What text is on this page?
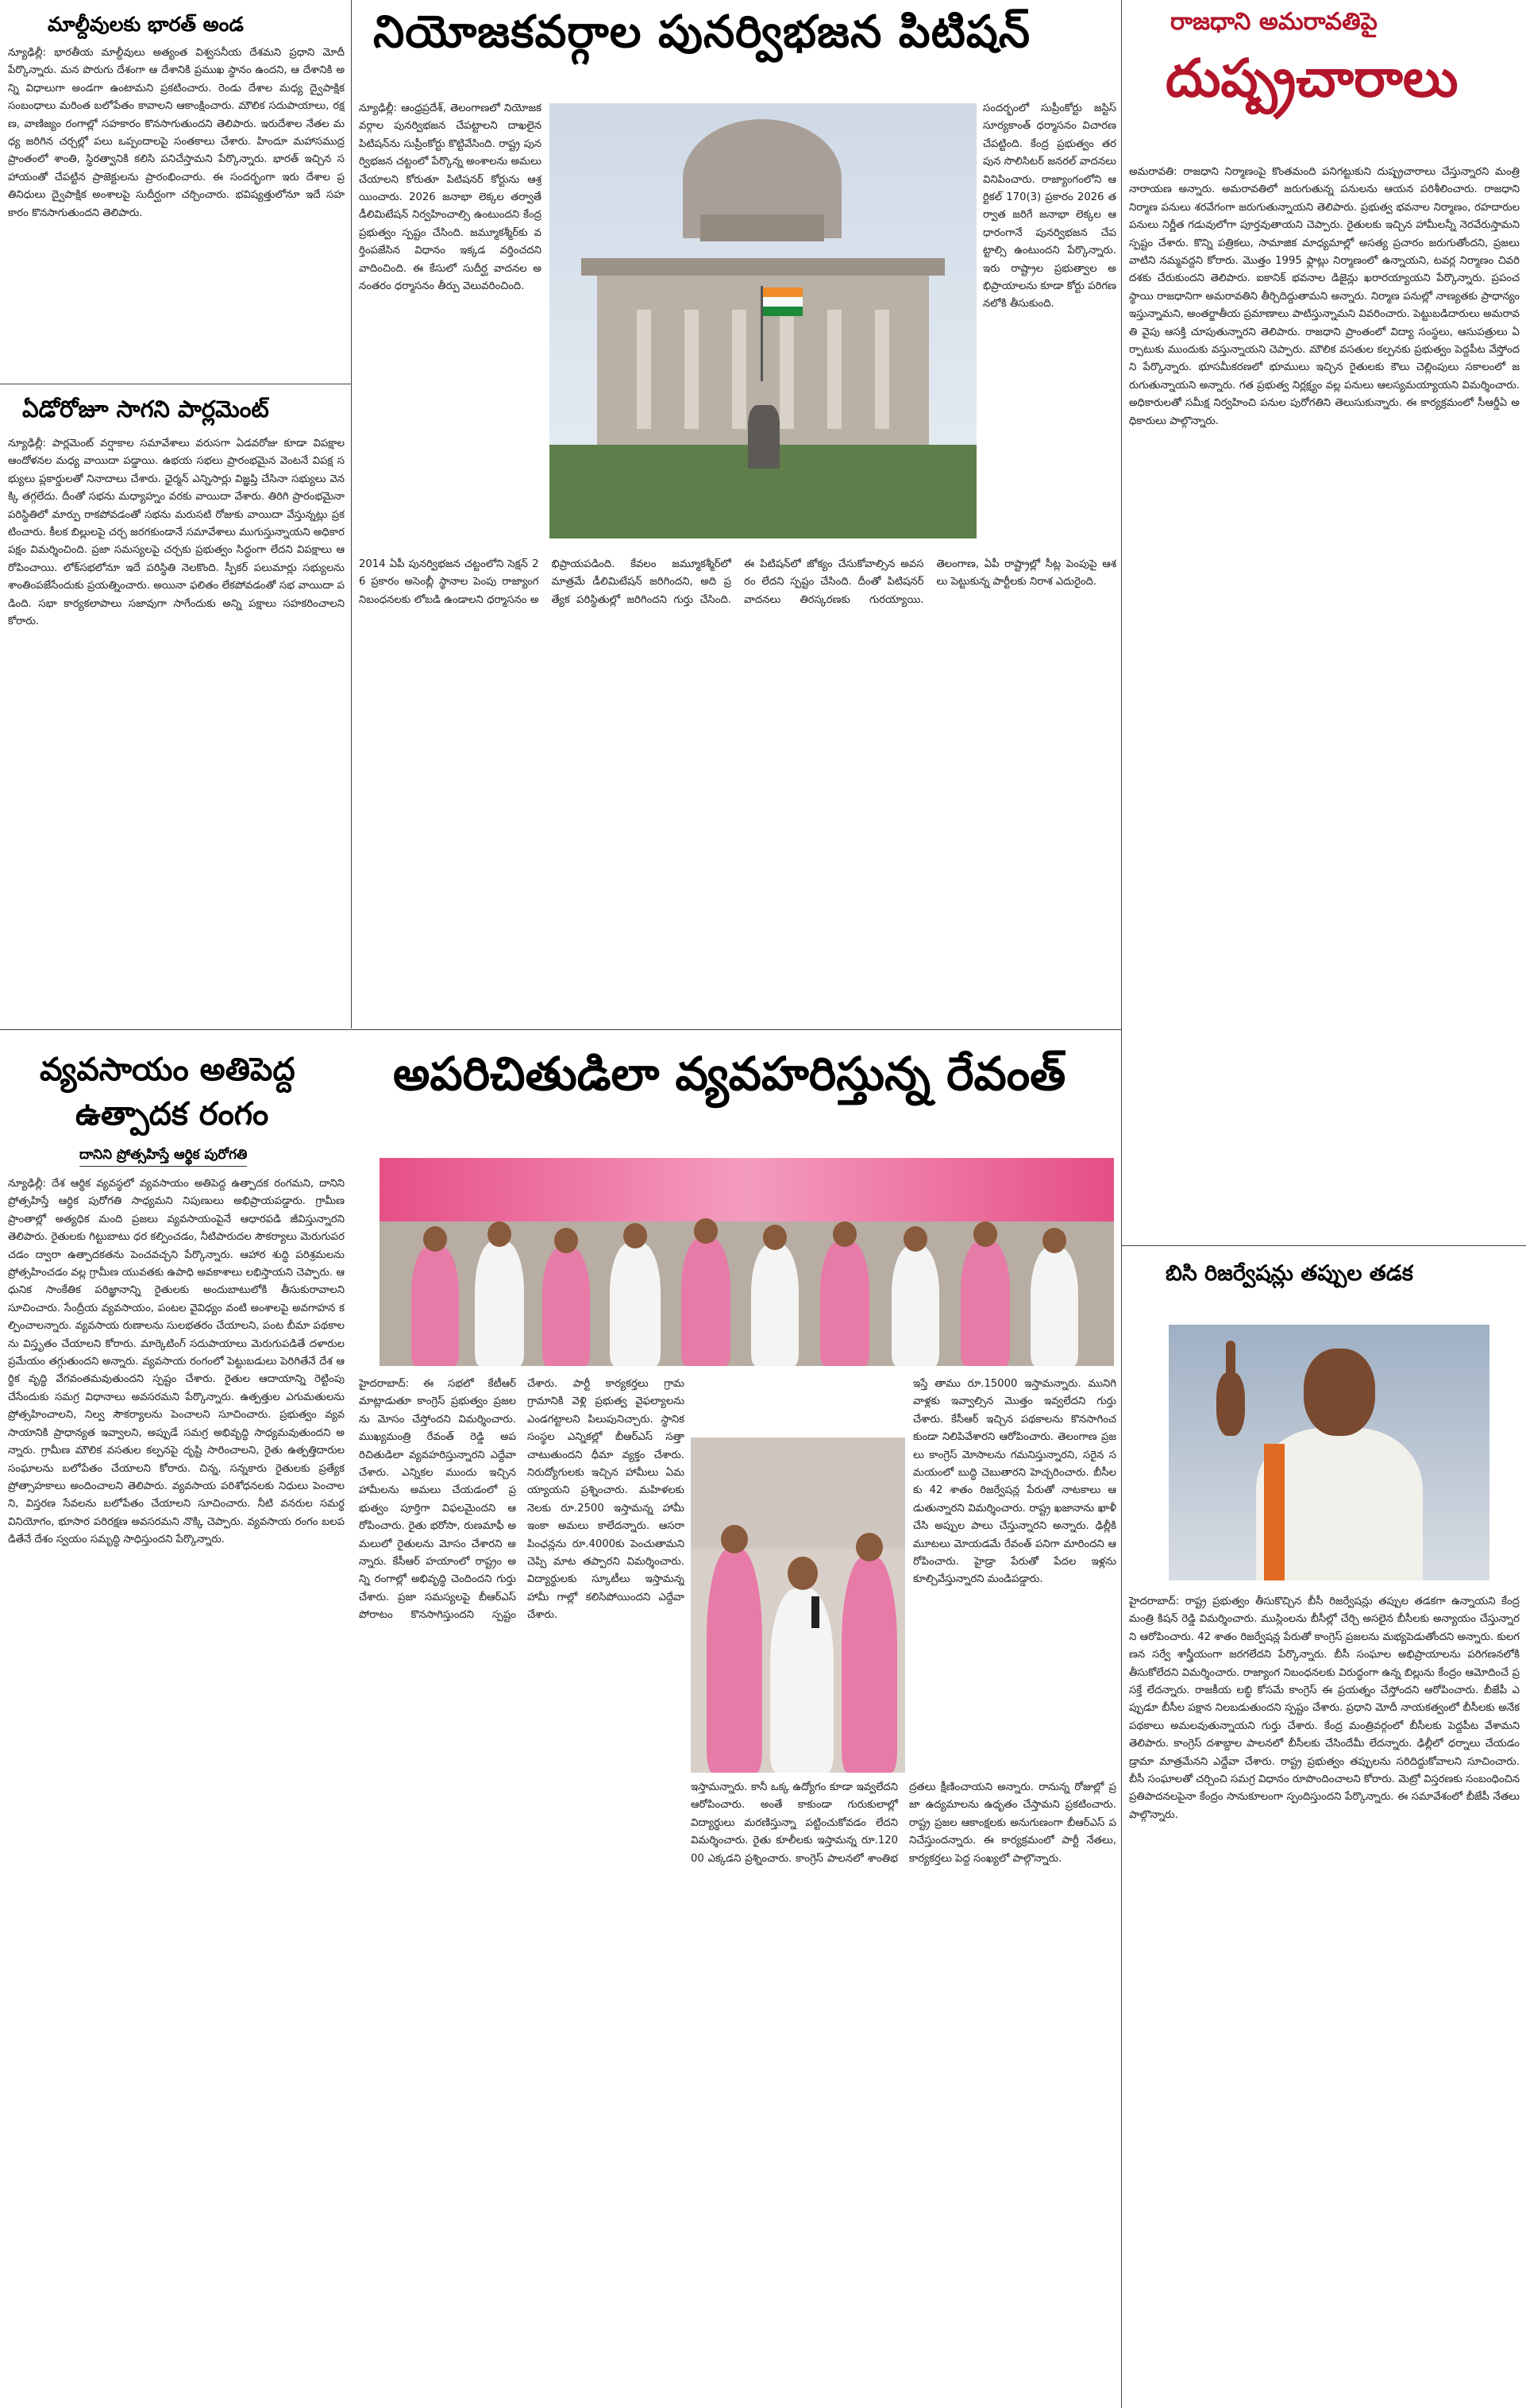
మాల్దీవులకు భారత్ అండ
న్యూఢిల్లీ: భారతీయ మాల్దీవులు అత్యంత విశ్వసనీయ దేశమని ప్రధాని మోదీ పేర్కొన్నారు. మన పొరుగు దేశంగా ఆ దేశానికి ప్రముఖ స్థానం ఉందని, ఆ దేశానికి అన్ని విధాలుగా అండగా ఉంటామని ప్రకటించారు. రెండు దేశాల మధ్య ద్వైపాక్షిక సంబంధాలు మరింత బలోపేతం కావాలని ఆకాంక్షించారు. మౌలిక సదుపాయాలు, రక్షణ, వాణిజ్యం రంగాల్లో సహకారం కొనసాగుతుందని తెలిపారు. ఇరుదేశాల నేతల మధ్య జరిగిన చర్చల్లో పలు ఒప్పందాలపై సంతకాలు చేశారు. హిందూ మహాసముద్ర ప్రాంతంలో శాంతి, స్థిరత్వానికి కలిసి పనిచేస్తామని పేర్కొన్నారు. భారత్ ఇచ్చిన సహాయంతో చేపట్టిన ప్రాజెక్టులను ప్రారంభించారు. ఈ సందర్భంగా ఇరు దేశాల ప్రతినిధులు ద్వైపాక్షిక అంశాలపై సుదీర్ఘంగా చర్చించారు. భవిష్యత్తులోనూ ఇదే సహకారం కొనసాగుతుందని తెలిపారు.
ఏడోరోజూ సాగని పార్లమెంట్
న్యూఢిల్లీ: పార్లమెంట్ వర్షాకాల సమావేశాలు వరుసగా ఏడవరోజు కూడా విపక్షాల ఆందోళనల మధ్య వాయిదా పడ్డాయి. ఉభయ సభలు ప్రారంభమైన వెంటనే విపక్ష సభ్యులు ప్లకార్డులతో నినాదాలు చేశారు. ఛైర్మన్ ఎన్నిసార్లు విజ్ఞప్తి చేసినా సభ్యులు వెనక్కి తగ్గలేదు. దీంతో సభను మధ్యాహ్నం వరకు వాయిదా వేశారు. తిరిగి ప్రారంభమైనా పరిస్థితిలో మార్పు రాకపోవడంతో సభను మరుసటి రోజుకు వాయిదా వేస్తున్నట్లు ప్రకటించారు. కీలక బిల్లులపై చర్చ జరగకుండానే సమావేశాలు ముగుస్తున్నాయని అధికార పక్షం విమర్శించింది. ప్రజా సమస్యలపై చర్చకు ప్రభుత్వం సిద్ధంగా లేదని విపక్షాలు ఆరోపించాయి. లోక్‌సభలోనూ ఇదే పరిస్థితి నెలకొంది. స్పీకర్ పలుమార్లు సభ్యులను శాంతింపజేసేందుకు ప్రయత్నించారు. అయినా ఫలితం లేకపోవడంతో సభ వాయిదా పడింది. సభా కార్యకలాపాలు సజావుగా సాగేందుకు అన్ని పక్షాలు సహకరించాలని కోరారు.
నియోజకవర్గాల పునర్విభజన పిటిషన్
న్యూఢిల్లీ: ఆంధ్రప్రదేశ్, తెలంగాణలో నియోజకవర్గాల పునర్విభజన చేపట్టాలని దాఖలైన పిటిషన్‌ను సుప్రీంకోర్టు కొట్టివేసింది. రాష్ట్ర పునర్విభజన చట్టంలో పేర్కొన్న అంశాలను అమలు చేయాలని కోరుతూ పిటిషనర్ కోర్టును ఆశ్రయించారు. 2026 జనాభా లెక్కల తర్వాతే డీలిమిటేషన్ నిర్వహించాల్సి ఉంటుందని కేంద్ర ప్రభుత్వం స్పష్టం చేసింది. జమ్మూకశ్మీర్‌కు వర్తింపజేసిన విధానం ఇక్కడ వర్తించదని వాదించింది. ఈ కేసులో సుదీర్ఘ వాదనల అనంతరం ధర్మాసనం తీర్పు వెలువరించింది.
సందర్భంలో సుప్రీంకోర్టు జస్టిస్ సూర్యకాంత్ ధర్మాసనం విచారణ చేపట్టింది. కేంద్ర ప్రభుత్వం తరపున సొలిసిటర్ జనరల్ వాదనలు వినిపించారు. రాజ్యాంగంలోని ఆర్టికల్ 170(3) ప్రకారం 2026 తర్వాత జరిగే జనాభా లెక్కల ఆధారంగానే పునర్విభజన చేపట్టాల్సి ఉంటుందని పేర్కొన్నారు. ఇరు రాష్ట్రాల ప్రభుత్వాల అభిప్రాయాలను కూడా కోర్టు పరిగణనలోకి తీసుకుంది.
2014 ఏపీ పునర్విభజన చట్టంలోని సెక్షన్ 26 ప్రకారం అసెంబ్లీ స్థానాల పెంపు రాజ్యాంగ నిబంధనలకు లోబడి ఉండాలని ధర్మాసనం అభిప్రాయపడింది. కేవలం జమ్మూకశ్మీర్‌లో మాత్రమే డీలిమిటేషన్ జరిగిందని, అది ప్రత్యేక పరిస్థితుల్లో జరిగిందని గుర్తు చేసింది. ఈ పిటిషన్‌లో జోక్యం చేసుకోవాల్సిన అవసరం లేదని స్పష్టం చేసింది. దీంతో పిటిషనర్ వాదనలు తిరస్కరణకు గురయ్యాయి. తెలంగాణ, ఏపీ రాష్ట్రాల్లో సీట్ల పెంపుపై ఆశలు పెట్టుకున్న పార్టీలకు నిరాశ ఎదురైంది.
రాజధాని అమరావతిపై
దుష్ప్రచారాలు
అమరావతి: రాజధాని నిర్మాణంపై కొంతమంది పనిగట్టుకుని దుష్ప్రచారాలు చేస్తున్నారని మంత్రి నారాయణ అన్నారు. అమరావతిలో జరుగుతున్న పనులను ఆయన పరిశీలించారు. రాజధాని నిర్మాణ పనులు శరవేగంగా జరుగుతున్నాయని తెలిపారు. ప్రభుత్వ భవనాల నిర్మాణం, రహదారుల పనులు నిర్ణీత గడువులోగా పూర్తవుతాయని చెప్పారు. రైతులకు ఇచ్చిన హామీలన్నీ నెరవేరుస్తామని స్పష్టం చేశారు. కొన్ని పత్రికలు, సామాజిక మాధ్యమాల్లో అసత్య ప్రచారం జరుగుతోందని, ప్రజలు వాటిని నమ్మవద్దని కోరారు. మొత్తం 1995 ఫ్లాట్లు నిర్మాణంలో ఉన్నాయని, టవర్ల నిర్మాణం చివరి దశకు చేరుకుందని తెలిపారు. ఐకానిక్ భవనాల డిజైన్లు ఖరారయ్యాయని పేర్కొన్నారు. ప్రపంచ స్థాయి రాజధానిగా అమరావతిని తీర్చిదిద్దుతామని అన్నారు. నిర్మాణ పనుల్లో నాణ్యతకు ప్రాధాన్యం ఇస్తున్నామని, అంతర్జాతీయ ప్రమాణాలు పాటిస్తున్నామని వివరించారు. పెట్టుబడిదారులు అమరావతి వైపు ఆసక్తి చూపుతున్నారని తెలిపారు. రాజధాని ప్రాంతంలో విద్యా సంస్థలు, ఆసుపత్రులు ఏర్పాటుకు ముందుకు వస్తున్నాయని చెప్పారు. మౌలిక వసతుల కల్పనకు ప్రభుత్వం పెద్దపీట వేస్తోందని పేర్కొన్నారు. భూసమీకరణలో భూములు ఇచ్చిన రైతులకు కౌలు చెల్లింపులు సకాలంలో జరుగుతున్నాయని అన్నారు. గత ప్రభుత్వ నిర్లక్ష్యం వల్ల పనులు ఆలస్యమయ్యాయని విమర్శించారు. అధికారులతో సమీక్ష నిర్వహించి పనుల పురోగతిని తెలుసుకున్నారు. ఈ కార్యక్రమంలో సీఆర్డీఏ అధికారులు పాల్గొన్నారు.
అపరిచితుడిలా వ్యవహరిస్తున్న రేవంత్
హైదరాబాద్: ఈ సభలో కేటీఆర్ మాట్లాడుతూ కాంగ్రెస్ ప్రభుత్వం ప్రజలను మోసం చేస్తోందని విమర్శించారు. ముఖ్యమంత్రి రేవంత్ రెడ్డి అపరిచితుడిలా వ్యవహరిస్తున్నారని ఎద్దేవా చేశారు. ఎన్నికల ముందు ఇచ్చిన హామీలను అమలు చేయడంలో ప్రభుత్వం పూర్తిగా విఫలమైందని ఆరోపించారు. రైతు భరోసా, రుణమాఫీ అమలులో రైతులను మోసం చేశారని అన్నారు. కేసీఆర్ హయాంలో రాష్ట్రం అన్ని రంగాల్లో అభివృద్ధి చెందిందని గుర్తు చేశారు. ప్రజా సమస్యలపై బీఆర్ఎస్ పోరాటం కొనసాగిస్తుందని స్పష్టం చేశారు. పార్టీ కార్యకర్తలు గ్రామ గ్రామానికి వెళ్లి ప్రభుత్వ వైఫల్యాలను ఎండగట్టాలని పిలుపునిచ్చారు. స్థానిక సంస్థల ఎన్నికల్లో బీఆర్ఎస్ సత్తా చాటుతుందని ధీమా వ్యక్తం చేశారు. నిరుద్యోగులకు ఇచ్చిన హామీలు ఏమయ్యాయని ప్రశ్నించారు. మహిళలకు నెలకు రూ.2500 ఇస్తామన్న హామీ ఇంకా అమలు కాలేదన్నారు. ఆసరా పింఛన్లను రూ.4000కు పెంచుతామని చెప్పి మాట తప్పారని విమర్శించారు. విద్యార్థులకు స్కూటీలు ఇస్తామన్న హామీ గాల్లో కలిసిపోయిందని ఎద్దేవా చేశారు.
ఇస్తే తాము రూ.15000 ఇస్తామన్నారు. మునిగి వాళ్లకు ఇవ్వాల్సిన మొత్తం ఇవ్వలేదని గుర్తు చేశారు. కేసీఆర్ ఇచ్చిన పథకాలను కొనసాగించకుండా నిలిపివేశారని ఆరోపించారు. తెలంగాణ ప్రజలు కాంగ్రెస్ మోసాలను గమనిస్తున్నారని, సరైన సమయంలో బుద్ధి చెబుతారని హెచ్చరించారు. బీసీలకు 42 శాతం రిజర్వేషన్ల పేరుతో నాటకాలు ఆడుతున్నారని విమర్శించారు. రాష్ట్ర ఖజానాను ఖాళీ చేసి అప్పుల పాలు చేస్తున్నారని అన్నారు. ఢిల్లీకి మూటలు మోయడమే రేవంత్ పనిగా మారిందని ఆరోపించారు. హైడ్రా పేరుతో పేదల ఇళ్లను కూల్చివేస్తున్నారని మండిపడ్డారు.
ఇస్తామన్నారు. కానీ ఒక్క ఉద్యోగం కూడా ఇవ్వలేదని ఆరోపించారు. అంతే కాకుండా గురుకులాల్లో విద్యార్థులు మరణిస్తున్నా పట్టించుకోవడం లేదని విమర్శించారు. రైతు కూలీలకు ఇస్తామన్న రూ.12000 ఎక్కడని ప్రశ్నించారు. కాంగ్రెస్ పాలనలో శాంతిభద్రతలు క్షీణించాయని అన్నారు. రానున్న రోజుల్లో ప్రజా ఉద్యమాలను ఉధృతం చేస్తామని ప్రకటించారు. రాష్ట్ర ప్రజల ఆకాంక్షలకు అనుగుణంగా బీఆర్ఎస్ పనిచేస్తుందన్నారు. ఈ కార్యక్రమంలో పార్టీ నేతలు, కార్యకర్తలు పెద్ద సంఖ్యలో పాల్గొన్నారు.
వ్యవసాయం అతిపెద్ద
ఉత్పాదక రంగం
దానిని ప్రోత్సహిస్తే ఆర్థిక పురోగతి
న్యూఢిల్లీ: దేశ ఆర్థిక వ్యవస్థలో వ్యవసాయం అతిపెద్ద ఉత్పాదక రంగమని, దానిని ప్రోత్సహిస్తే ఆర్థిక పురోగతి సాధ్యమని నిపుణులు అభిప్రాయపడ్డారు. గ్రామీణ ప్రాంతాల్లో అత్యధిక మంది ప్రజలు వ్యవసాయంపైనే ఆధారపడి జీవిస్తున్నారని తెలిపారు. రైతులకు గిట్టుబాటు ధర కల్పించడం, నీటిపారుదల సౌకర్యాలు మెరుగుపరచడం ద్వారా ఉత్పాదకతను పెంచవచ్చని పేర్కొన్నారు. ఆహార శుద్ధి పరిశ్రమలను ప్రోత్సహించడం వల్ల గ్రామీణ యువతకు ఉపాధి అవకాశాలు లభిస్తాయని చెప్పారు. ఆధునిక సాంకేతిక పరిజ్ఞానాన్ని రైతులకు అందుబాటులోకి తీసుకురావాలని సూచించారు. సేంద్రీయ వ్యవసాయం, పంటల వైవిధ్యం వంటి అంశాలపై అవగాహన కల్పించాలన్నారు. వ్యవసాయ రుణాలను సులభతరం చేయాలని, పంట బీమా పథకాలను విస్తృతం చేయాలని కోరారు. మార్కెటింగ్ సదుపాయాలు మెరుగుపడితే దళారుల ప్రమేయం తగ్గుతుందని అన్నారు. వ్యవసాయ రంగంలో పెట్టుబడులు పెరిగితేనే దేశ ఆర్థిక వృద్ధి వేగవంతమవుతుందని స్పష్టం చేశారు. రైతుల ఆదాయాన్ని రెట్టింపు చేసేందుకు సమగ్ర విధానాలు అవసరమని పేర్కొన్నారు. ఉత్పత్తుల ఎగుమతులను ప్రోత్సహించాలని, నిల్వ సౌకర్యాలను పెంచాలని సూచించారు. ప్రభుత్వం వ్యవసాయానికి ప్రాధాన్యత ఇవ్వాలని, అప్పుడే సమగ్ర అభివృద్ధి సాధ్యమవుతుందని అన్నారు. గ్రామీణ మౌలిక వసతుల కల్పనపై దృష్టి సారించాలని, రైతు ఉత్పత్తిదారుల సంఘాలను బలోపేతం చేయాలని కోరారు. చిన్న, సన్నకారు రైతులకు ప్రత్యేక ప్రోత్సాహకాలు అందించాలని తెలిపారు. వ్యవసాయ పరిశోధనలకు నిధులు పెంచాలని, విస్తరణ సేవలను బలోపేతం చేయాలని సూచించారు. నీటి వనరుల సమర్థ వినియోగం, భూసార పరిరక్షణ అవసరమని నొక్కి చెప్పారు. వ్యవసాయ రంగం బలపడితేనే దేశం స్వయం సమృద్ధి సాధిస్తుందని పేర్కొన్నారు.
బిసి రిజర్వేషన్లు తప్పుల తడక
హైదరాబాద్: రాష్ట్ర ప్రభుత్వం తీసుకొచ్చిన బీసీ రిజర్వేషన్లు తప్పుల తడకగా ఉన్నాయని కేంద్ర మంత్రి కిషన్ రెడ్డి విమర్శించారు. ముస్లింలను బీసీల్లో చేర్చి అసలైన బీసీలకు అన్యాయం చేస్తున్నారని ఆరోపించారు. 42 శాతం రిజర్వేషన్ల పేరుతో కాంగ్రెస్ ప్రజలను మభ్యపెడుతోందని అన్నారు. కులగణన సర్వే శాస్త్రీయంగా జరగలేదని పేర్కొన్నారు. బీసీ సంఘాల అభిప్రాయాలను పరిగణనలోకి తీసుకోలేదని విమర్శించారు. రాజ్యాంగ నిబంధనలకు విరుద్ధంగా ఉన్న బిల్లును కేంద్రం ఆమోదించే ప్రసక్తే లేదన్నారు. రాజకీయ లబ్ధి కోసమే కాంగ్రెస్ ఈ ప్రయత్నం చేస్తోందని ఆరోపించారు. బీజేపీ ఎప్పుడూ బీసీల పక్షాన నిలబడుతుందని స్పష్టం చేశారు. ప్రధాని మోదీ నాయకత్వంలో బీసీలకు అనేక పథకాలు అమలవుతున్నాయని గుర్తు చేశారు. కేంద్ర మంత్రివర్గంలో బీసీలకు పెద్దపీట వేశామని తెలిపారు. కాంగ్రెస్ దశాబ్దాల పాలనలో బీసీలకు చేసిందేమీ లేదన్నారు. ఢిల్లీలో ధర్నాలు చేయడం డ్రామా మాత్రమేనని ఎద్దేవా చేశారు. రాష్ట్ర ప్రభుత్వం తప్పులను సరిదిద్దుకోవాలని సూచించారు. బీసీ సంఘాలతో చర్చించి సమగ్ర విధానం రూపొందించాలని కోరారు. మెట్రో విస్తరణకు సంబంధించిన ప్రతిపాదనలపైనా కేంద్రం సానుకూలంగా స్పందిస్తుందని పేర్కొన్నారు. ఈ సమావేశంలో బీజేపీ నేతలు పాల్గొన్నారు.
